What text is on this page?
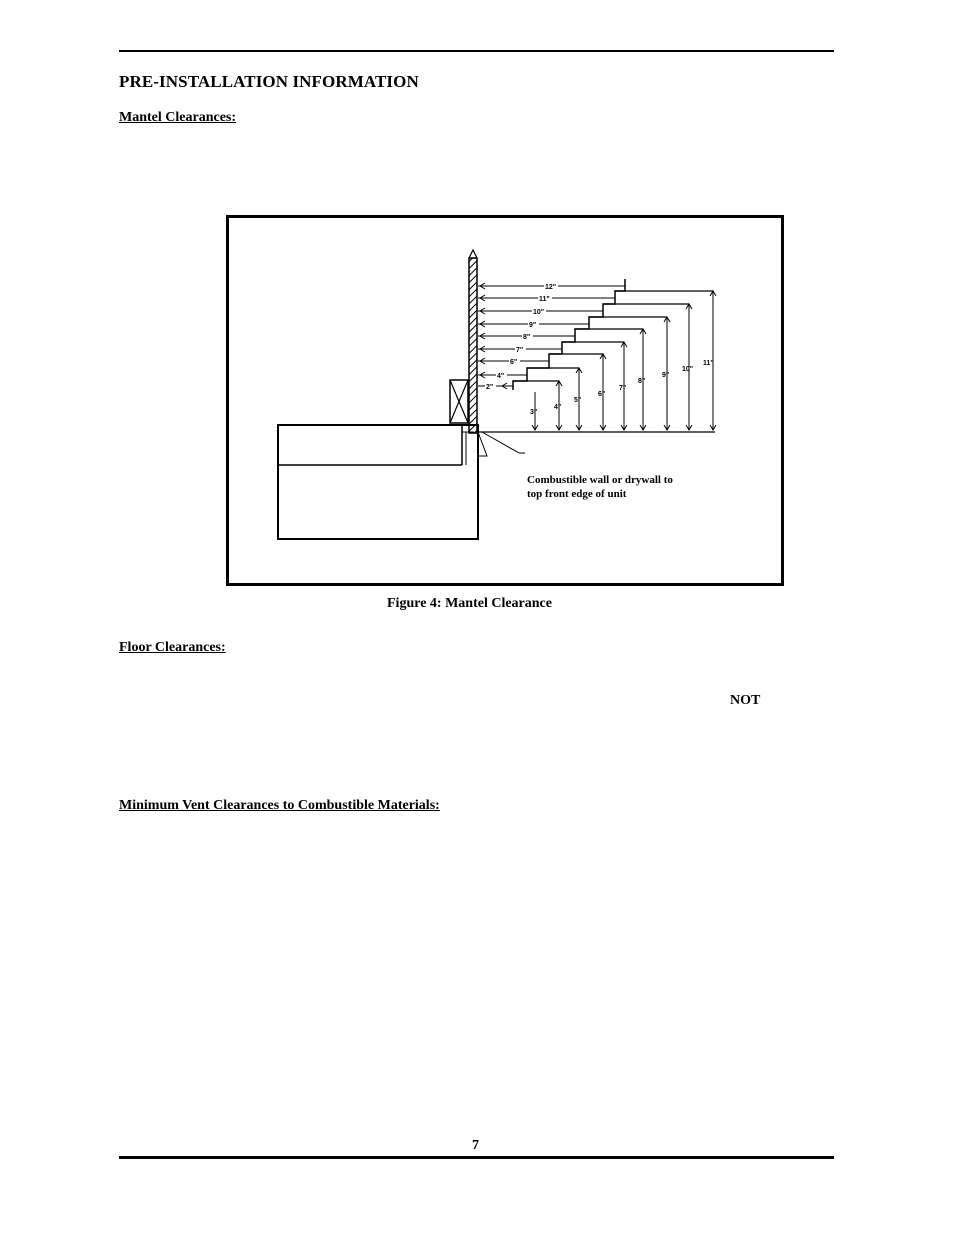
PRE-INSTALLATION INFORMATION
Mantel Clearances:
12"
11"
10"
9"
8"
7"
6"
4"
2"
3"
4"
5"
6"
7"
8"
9"
10"
11"
Combustible wall or drywall to
top front edge of unit
Figure 4: Mantel Clearance
Floor Clearances:
NOT
Minimum Vent Clearances to Combustible Materials:
7
